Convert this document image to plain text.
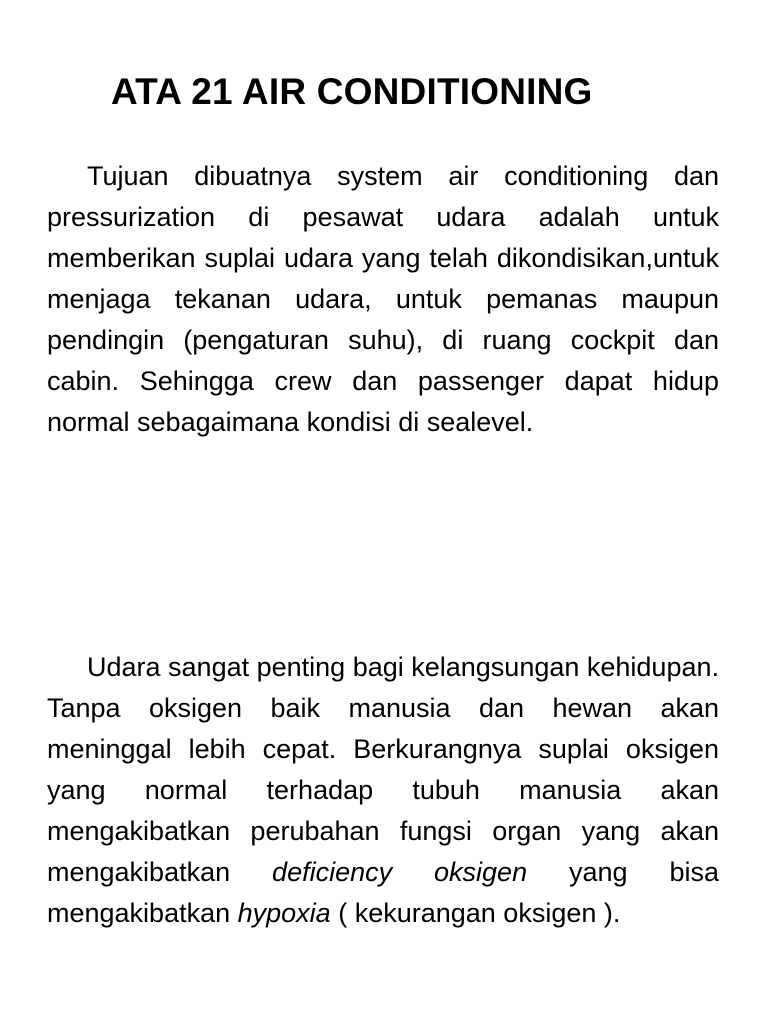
ATA 21 AIR CONDITIONING

Tujuan dibuatnya system air conditioning dan pressurization di pesawat udara adalah untuk memberikan suplai udara yang telah dikondisikan,untuk menjaga tekanan udara, untuk pemanas maupun pendingin (pengaturan suhu), di ruang cockpit dan cabin. Sehingga crew dan passenger dapat hidup normal sebagaimana kondisi di sealevel.

Udara sangat penting bagi kelangsungan kehidupan. Tanpa oksigen baik manusia dan hewan akan meninggal lebih cepat. Berkurangnya suplai oksigen yang normal terhadap tubuh manusia akan mengakibatkan perubahan fungsi organ yang akan mengakibatkan deficiency oksigen yang bisa mengakibatkan hypoxia ( kekurangan oksigen ).
